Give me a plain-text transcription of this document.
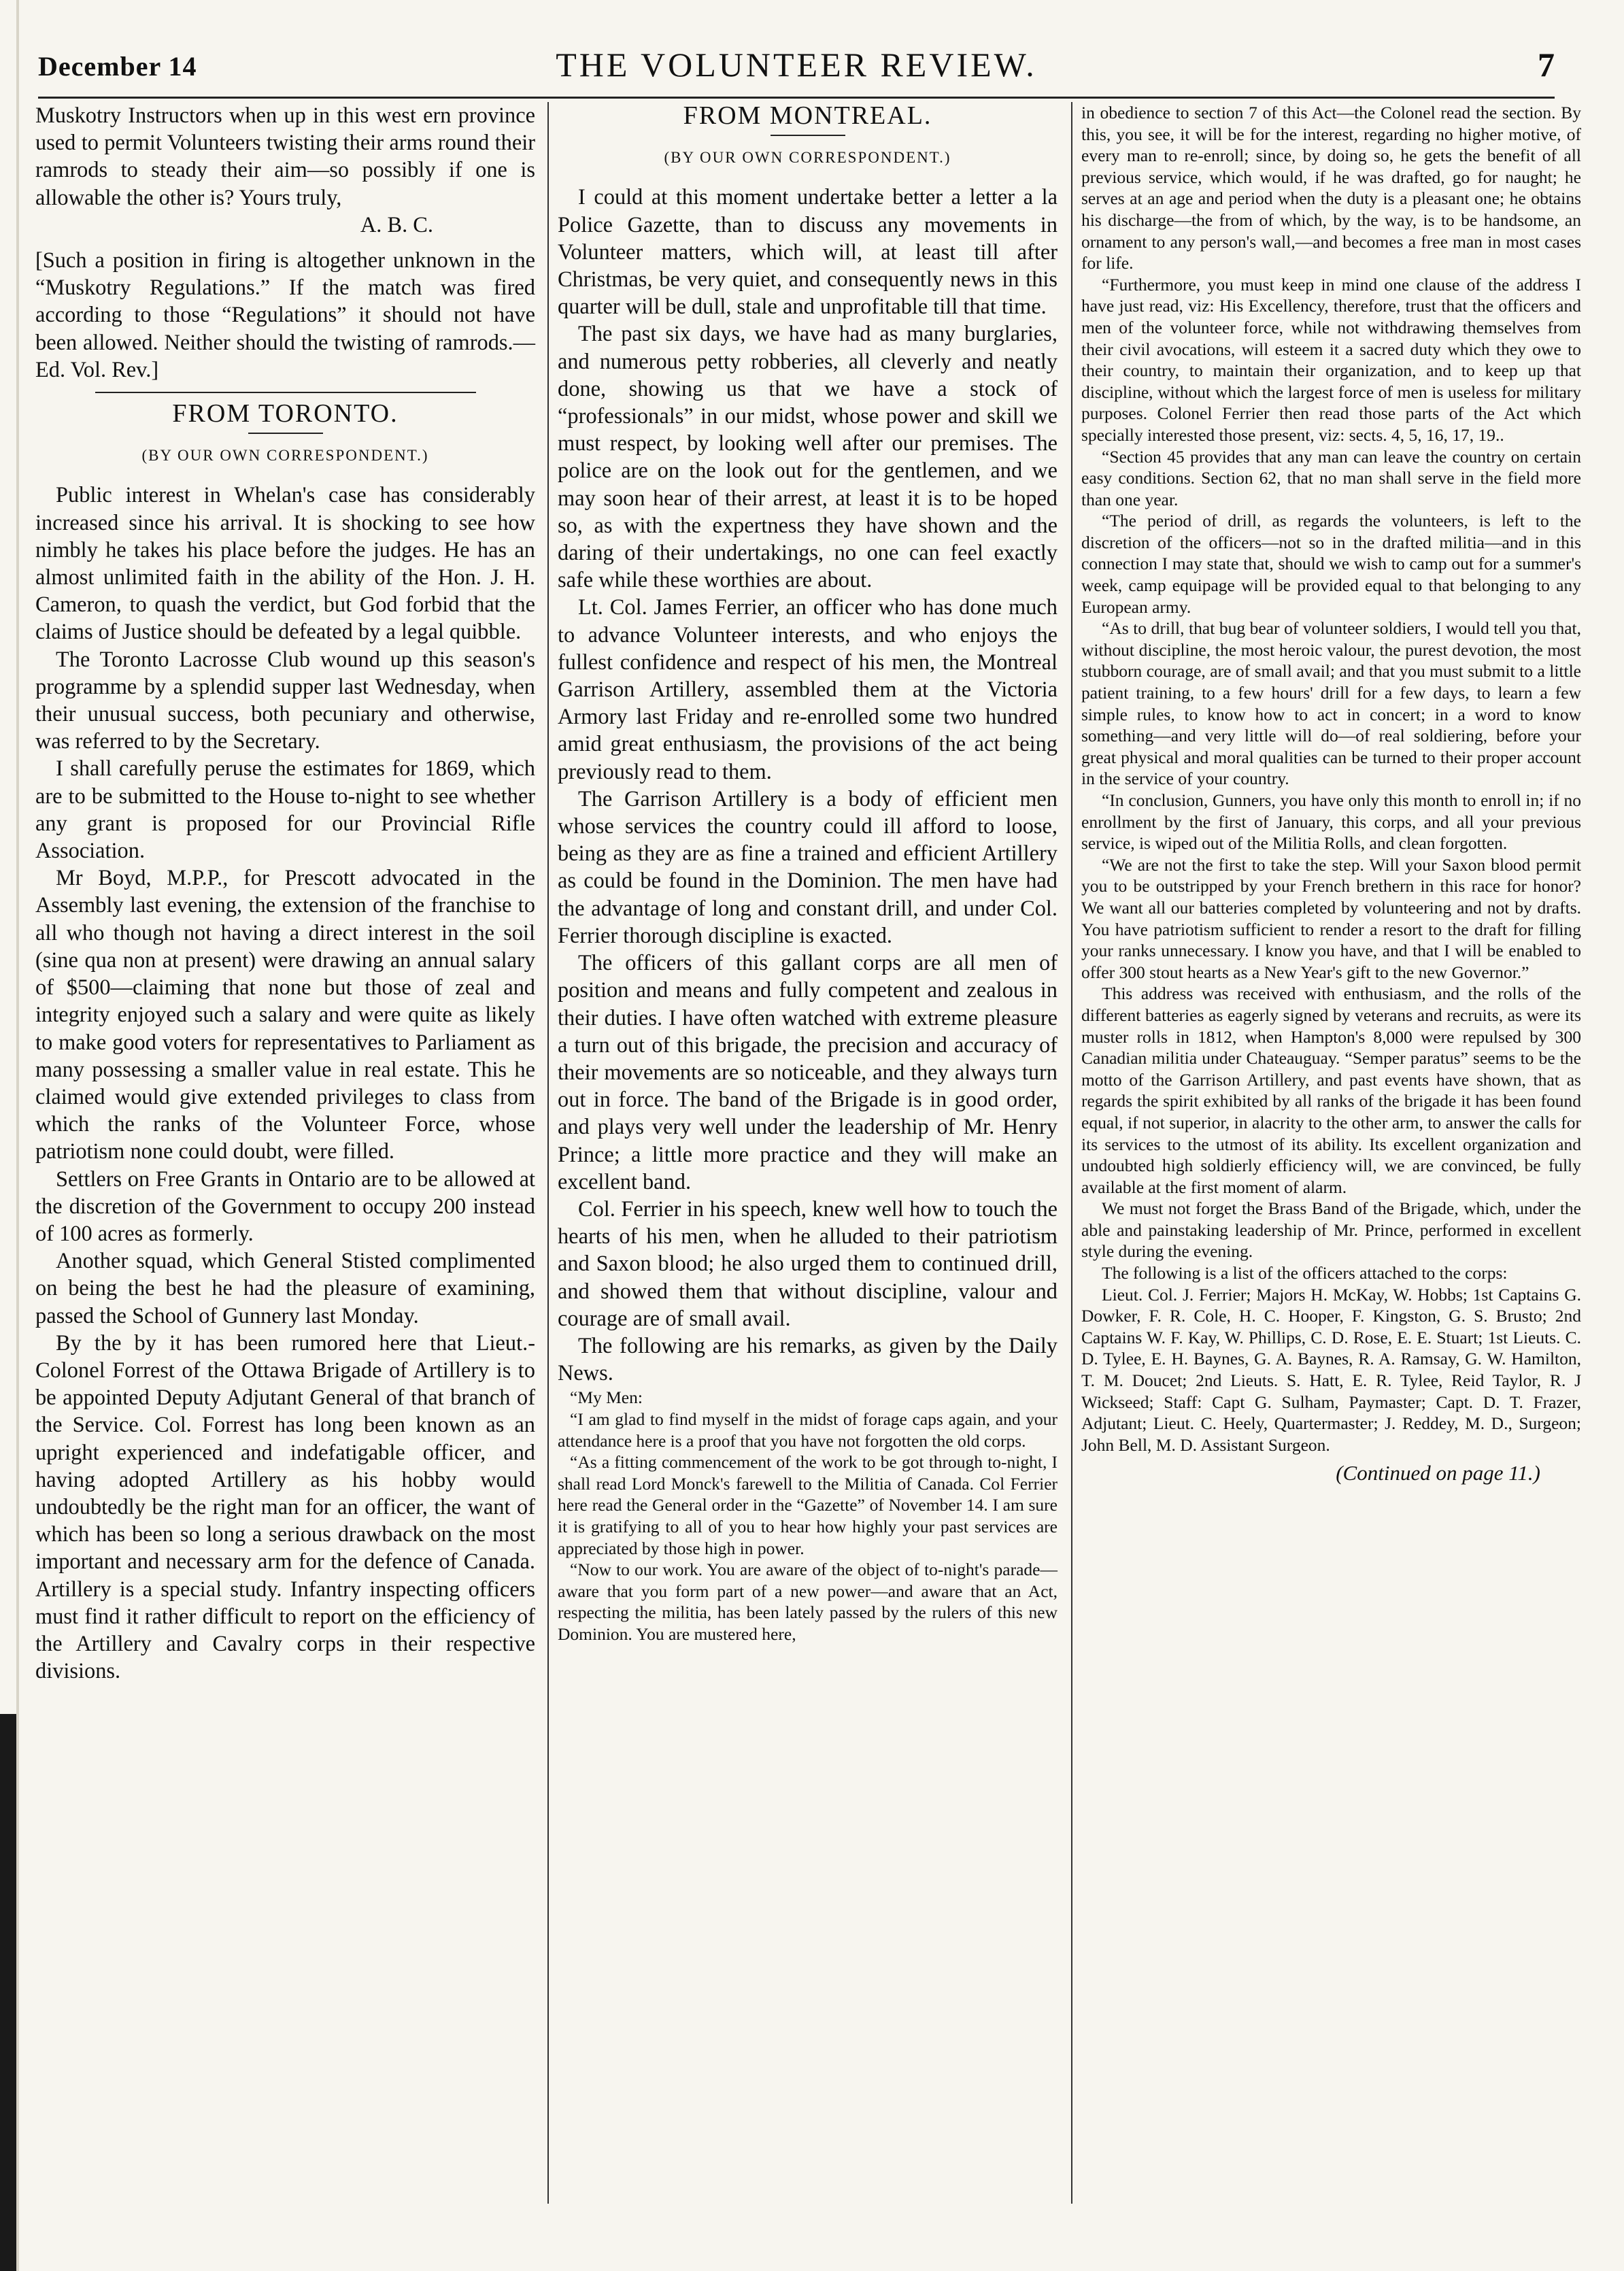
December 14	THE VOLUNTEER REVIEW.	7

Muskotry Instructors when up in this west ern province used to permit Volunteers twisting their arms round their ramrods to steady their aim—so possibly if one is allowable the other is? Yours truly,

A. B. C.

[Such a position in firing is altogether unknown in the “Muskotry Regulations.” If the match was fired according to those “Regulations” it should not have been allowed. Neither should the twisting of ramrods.—Ed. Vol. Rev.]

FROM TORONTO.
(BY OUR OWN CORRESPONDENT.)

Public interest in Whelan's case has considerably increased since his arrival. It is shocking to see how nimbly he takes his place before the judges. He has an almost unlimited faith in the ability of the Hon. J. H. Cameron, to quash the verdict, but God forbid that the claims of Justice should be defeated by a legal quibble.

The Toronto Lacrosse Club wound up this season's programme by a splendid supper last Wednesday, when their unusual success, both pecuniary and otherwise, was referred to by the Secretary.

I shall carefully peruse the estimates for 1869, which are to be submitted to the House to-night to see whether any grant is proposed for our Provincial Rifle Association.

Mr Boyd, M.P.P., for Prescott advocated in the Assembly last evening, the extension of the franchise to all who though not having a direct interest in the soil (sine qua non at present) were drawing an annual salary of $500—claiming that none but those of zeal and integrity enjoyed such a salary and were quite as likely to make good voters for representatives to Parliament as many possessing a smaller value in real estate. This he claimed would give extended privileges to class from which the ranks of the Volunteer Force, whose patriotism none could doubt, were filled.

Settlers on Free Grants in Ontario are to be allowed at the discretion of the Government to occupy 200 instead of 100 acres as formerly.

Another squad, which General Stisted complimented on being the best he had the pleasure of examining, passed the School of Gunnery last Monday.

By the by it has been rumored here that Lieut.-Colonel Forrest of the Ottawa Brigade of Artillery is to be appointed Deputy Adjutant General of that branch of the Service. Col. Forrest has long been known as an upright experienced and indefatigable officer, and having adopted Artillery as his hobby would undoubtedly be the right man for an officer, the want of which has been so long a serious drawback on the most important and necessary arm for the defence of Canada. Artillery is a special study. Infantry inspecting officers must find it rather difficult to report on the efficiency of the Artillery and Cavalry corps in their respective divisions.

FROM MONTREAL.
(BY OUR OWN CORRESPONDENT.)

I could at this moment undertake better a letter a la Police Gazette, than to discuss any movements in Volunteer matters, which will, at least till after Christmas, be very quiet, and consequently news in this quarter will be dull, stale and unprofitable till that time.

The past six days, we have had as many burglaries, and numerous petty robberies, all cleverly and neatly done, showing us that we have a stock of “professionals” in our midst, whose power and skill we must respect, by looking well after our premises. The police are on the look out for the gentlemen, and we may soon hear of their arrest, at least it is to be hoped so, as with the expertness they have shown and the daring of their undertakings, no one can feel exactly safe while these worthies are about.

Lt. Col. James Ferrier, an officer who has done much to advance Volunteer interests, and who enjoys the fullest confidence and respect of his men, the Montreal Garrison Artillery, assembled them at the Victoria Armory last Friday and re-enrolled some two hundred amid great enthusiasm, the provisions of the act being previously read to them.

The Garrison Artillery is a body of efficient men whose services the country could ill afford to loose, being as they are as fine a trained and efficient Artillery as could be found in the Dominion. The men have had the advantage of long and constant drill, and under Col. Ferrier thorough discipline is exacted.

The officers of this gallant corps are all men of position and means and fully competent and zealous in their duties. I have often watched with extreme pleasure a turn out of this brigade, the precision and accuracy of their movements are so noticeable, and they always turn out in force. The band of the Brigade is in good order, and plays very well under the leadership of Mr. Henry Prince; a little more practice and they will make an excellent band.

Col. Ferrier in his speech, knew well how to touch the hearts of his men, when he alluded to their patriotism and Saxon blood; he also urged them to continued drill, and showed them that without discipline, valour and courage are of small avail.

The following are his remarks, as given by the Daily News.

“My Men:

“I am glad to find myself in the midst of forage caps again, and your attendance here is a proof that you have not forgotten the old corps.

“As a fitting commencement of the work to be got through to-night, I shall read Lord Monck's farewell to the Militia of Canada. Col Ferrier here read the General order in the “Gazette” of November 14. I am sure it is gratifying to all of you to hear how highly your past services are appreciated by those high in power.

“Now to our work. You are aware of the object of to-night's parade—aware that you form part of a new power—and aware that an Act, respecting the militia, has been lately passed by the rulers of this new Dominion. You are mustered here,

in obedience to section 7 of this Act—the Colonel read the section. By this, you see, it will be for the interest, regarding no higher motive, of every man to re-enroll; since, by doing so, he gets the benefit of all previous service, which would, if he was drafted, go for naught; he serves at an age and period when the duty is a pleasant one; he obtains his discharge—the from of which, by the way, is to be handsome, an ornament to any person's wall,—and becomes a free man in most cases for life.

“Furthermore, you must keep in mind one clause of the address I have just read, viz: His Excellency, therefore, trust that the officers and men of the volunteer force, while not withdrawing themselves from their civil avocations, will esteem it a sacred duty which they owe to their country, to maintain their organization, and to keep up that discipline, without which the largest force of men is useless for military purposes. Colonel Ferrier then read those parts of the Act which specially interested those present, viz: sects. 4, 5, 16, 17, 19..

“Section 45 provides that any man can leave the country on certain easy conditions. Section 62, that no man shall serve in the field more than one year.

“The period of drill, as regards the volunteers, is left to the discretion of the officers—not so in the drafted militia—and in this connection I may state that, should we wish to camp out for a summer's week, camp equipage will be provided equal to that belonging to any European army.

“As to drill, that bug bear of volunteer soldiers, I would tell you that, without discipline, the most heroic valour, the purest devotion, the most stubborn courage, are of small avail; and that you must submit to a little patient training, to a few hours' drill for a few days, to learn a few simple rules, to know how to act in concert; in a word to know something—and very little will do—of real soldiering, before your great physical and moral qualities can be turned to their proper account in the service of your country.

“In conclusion, Gunners, you have only this month to enroll in; if no enrollment by the first of January, this corps, and all your previous service, is wiped out of the Militia Rolls, and clean forgotten.

“We are not the first to take the step. Will your Saxon blood permit you to be outstripped by your French brethern in this race for honor? We want all our batteries completed by volunteering and not by drafts. You have patriotism sufficient to render a resort to the draft for filling your ranks unnecessary. I know you have, and that I will be enabled to offer 300 stout hearts as a New Year's gift to the new Governor.”

This address was received with enthusiasm, and the rolls of the different batteries as eagerly signed by veterans and recruits, as were its muster rolls in 1812, when Hampton's 8,000 were repulsed by 300 Canadian militia under Chateauguay. “Semper paratus” seems to be the motto of the Garrison Artillery, and past events have shown, that as regards the spirit exhibited by all ranks of the brigade it has been found equal, if not superior, in alacrity to the other arm, to answer the calls for its services to the utmost of its ability. Its excellent organization and undoubted high soldierly efficiency will, we are convinced, be fully available at the first moment of alarm.

We must not forget the Brass Band of the Brigade, which, under the able and painstaking leadership of Mr. Prince, performed in excellent style during the evening.

The following is a list of the officers attached to the corps:

Lieut. Col. J. Ferrier; Majors H. McKay, W. Hobbs; 1st Captains G. Dowker, F. R. Cole, H. C. Hooper, F. Kingston, G. S. Brusto; 2nd Captains W. F. Kay, W. Phillips, C. D. Rose, E. E. Stuart; 1st Lieuts. C. D. Tylee, E. H. Baynes, G. A. Baynes, R. A. Ramsay, G. W. Hamilton, T. M. Doucet; 2nd Lieuts. S. Hatt, E. R. Tylee, Reid Taylor, R. J Wickseed; Staff: Capt G. Sulham, Paymaster; Capt. D. T. Frazer, Adjutant; Lieut. C. Heely, Quartermaster; J. Reddey, M. D., Surgeon; John Bell, M. D. Assistant Surgeon.

(Continued on page 11.)
